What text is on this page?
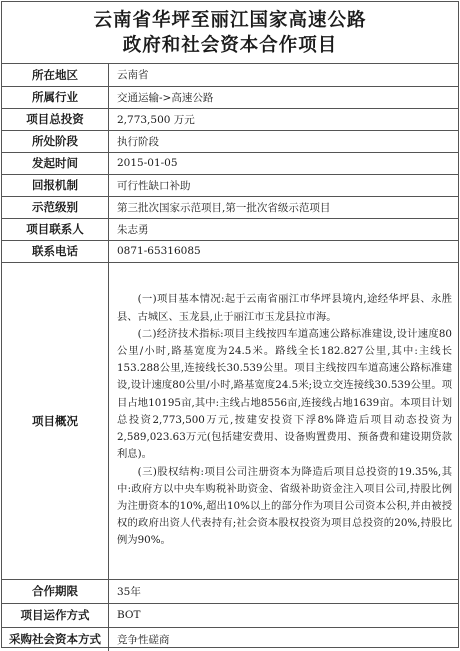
云南省华坪至丽江国家高速公路
政府和社会资本合作项目
所在地区	云南省
所属行业	交通运输->高速公路
项目总投资	2,773,500 万元
所处阶段	执行阶段
发起时间	2015-01-05
回报机制	可行性缺口补助
示范级别	第三批次国家示范项目,第一批次省级示范项目
项目联系人	朱志勇
联系电话	0871-65316085
项目概况	(一)项目基本情况:起于云南省丽江市华坪县境内,途经华坪县、永胜县、古城区、玉龙县,止于丽江市玉龙县拉市海。

(二)经济技术指标:项目主线按四车道高速公路标准建设,设计速度80公里/小时,路基宽度为24.5米。路线全长182.827公里,其中:主线长153.288公里,连接线长30.539公里。项目主线按四车道高速公路标准建设,设计速度80公里/小时,路基宽度24.5米;设立交连接线30.539公里。项目占地10195亩,其中:主线占地8556亩,连接线占地1639亩。本项目计划总投资2,773,500万元,按建安投资下浮8%降造后项目动态投资为2,589,023.63万元(包括建安费用、设备购置费用、预备费和建设期贷款利息)。

(三)股权结构:项目公司注册资本为降造后项目总投资的19.35%,其中:政府方以中央车购税补助资金、省级补助资金注入项目公司,持股比例为注册资本的10%,超出10%以上的部分作为项目公司资本公积,并由被授权的政府出资人代表持有;社会资本股权投资为项目总投资的20%,持股比例为90%。

合作期限	35年
项目运作方式	BOT
采购社会资本方式	竞争性磋商
